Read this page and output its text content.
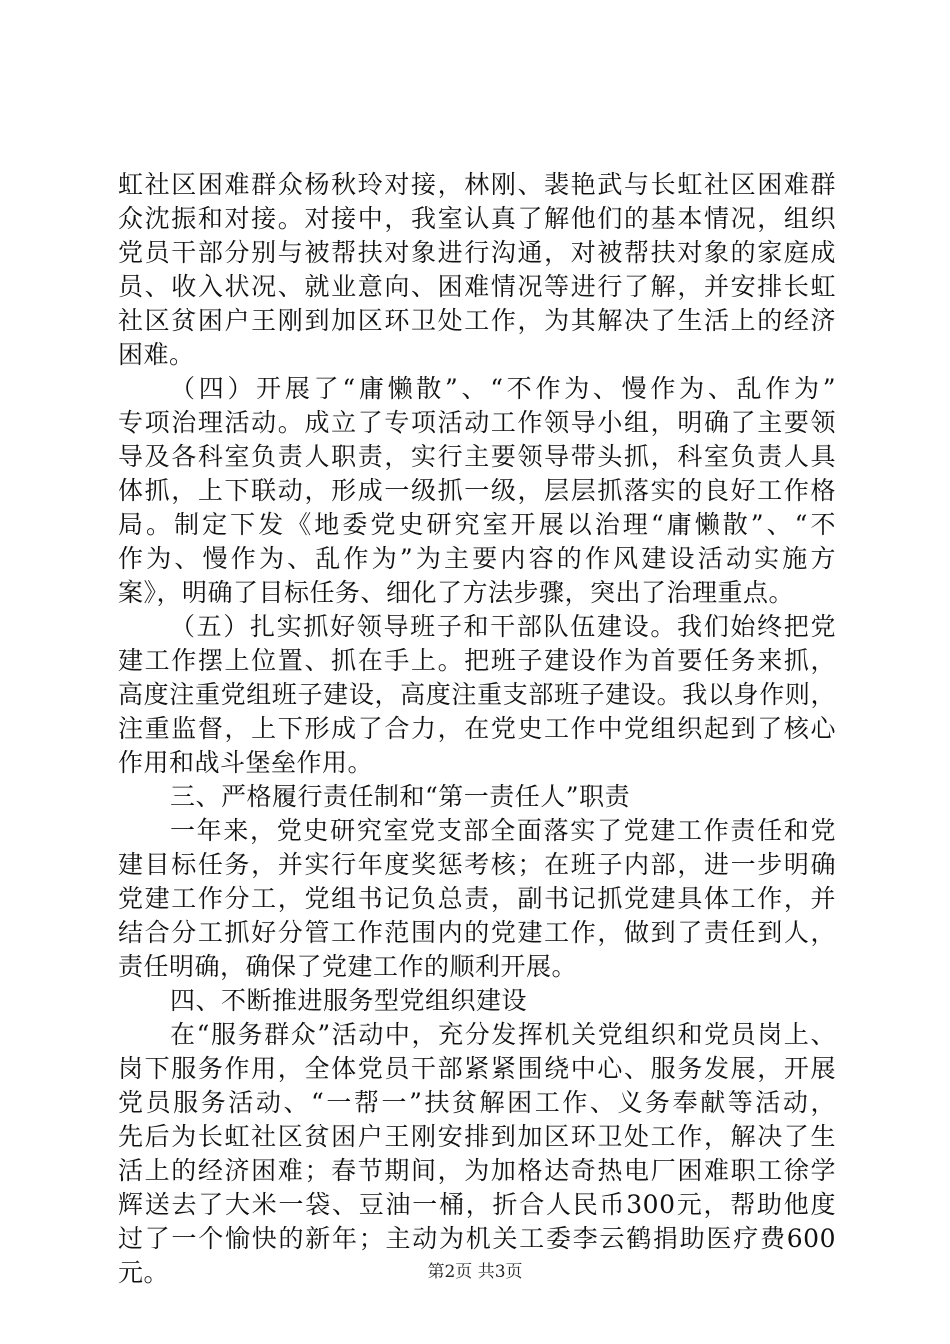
虹社区困难群众杨秋玲对接，林刚、裴艳武与长虹社区困难群
众沈振和对接。对接中，我室认真了解他们的基本情况，组织
党员干部分别与被帮扶对象进行沟通，对被帮扶对象的家庭成
员、收入状况、就业意向、困难情况等进行了解，并安排长虹
社区贫困户王刚到加区环卫处工作，为其解决了生活上的经济
困难。
（四）开展了“庸懒散”、“不作为、慢作为、乱作为”
专项治理活动。成立了专项活动工作领导小组，明确了主要领
导及各科室负责人职责，实行主要领导带头抓，科室负责人具
体抓，上下联动，形成一级抓一级，层层抓落实的良好工作格
局。制定下发《地委党史研究室开展以治理“庸懒散”、“不
作为、慢作为、乱作为”为主要内容的作风建设活动实施方
案》，明确了目标任务、细化了方法步骤，突出了治理重点。
（五）扎实抓好领导班子和干部队伍建设。我们始终把党
建工作摆上位置、抓在手上。把班子建设作为首要任务来抓，
高度注重党组班子建设，高度注重支部班子建设。我以身作则，
注重监督，上下形成了合力，在党史工作中党组织起到了核心
作用和战斗堡垒作用。
三、严格履行责任制和“第一责任人”职责
一年来，党史研究室党支部全面落实了党建工作责任和党
建目标任务，并实行年度奖惩考核；在班子内部，进一步明确
党建工作分工，党组书记负总责，副书记抓党建具体工作，并
结合分工抓好分管工作范围内的党建工作，做到了责任到人，
责任明确，确保了党建工作的顺利开展。
四、不断推进服务型党组织建设
在“服务群众”活动中，充分发挥机关党组织和党员岗上、
岗下服务作用，全体党员干部紧紧围绕中心、服务发展，开展
党员服务活动、“一帮一”扶贫解困工作、义务奉献等活动，
先后为长虹社区贫困户王刚安排到加区环卫处工作，解决了生
活上的经济困难；春节期间，为加格达奇热电厂困难职工徐学
辉送去了大米一袋、豆油一桶，折合人民币300元，帮助他度
过了一个愉快的新年；主动为机关工委李云鹤捐助医疗费600
元。	第2页 共3页
